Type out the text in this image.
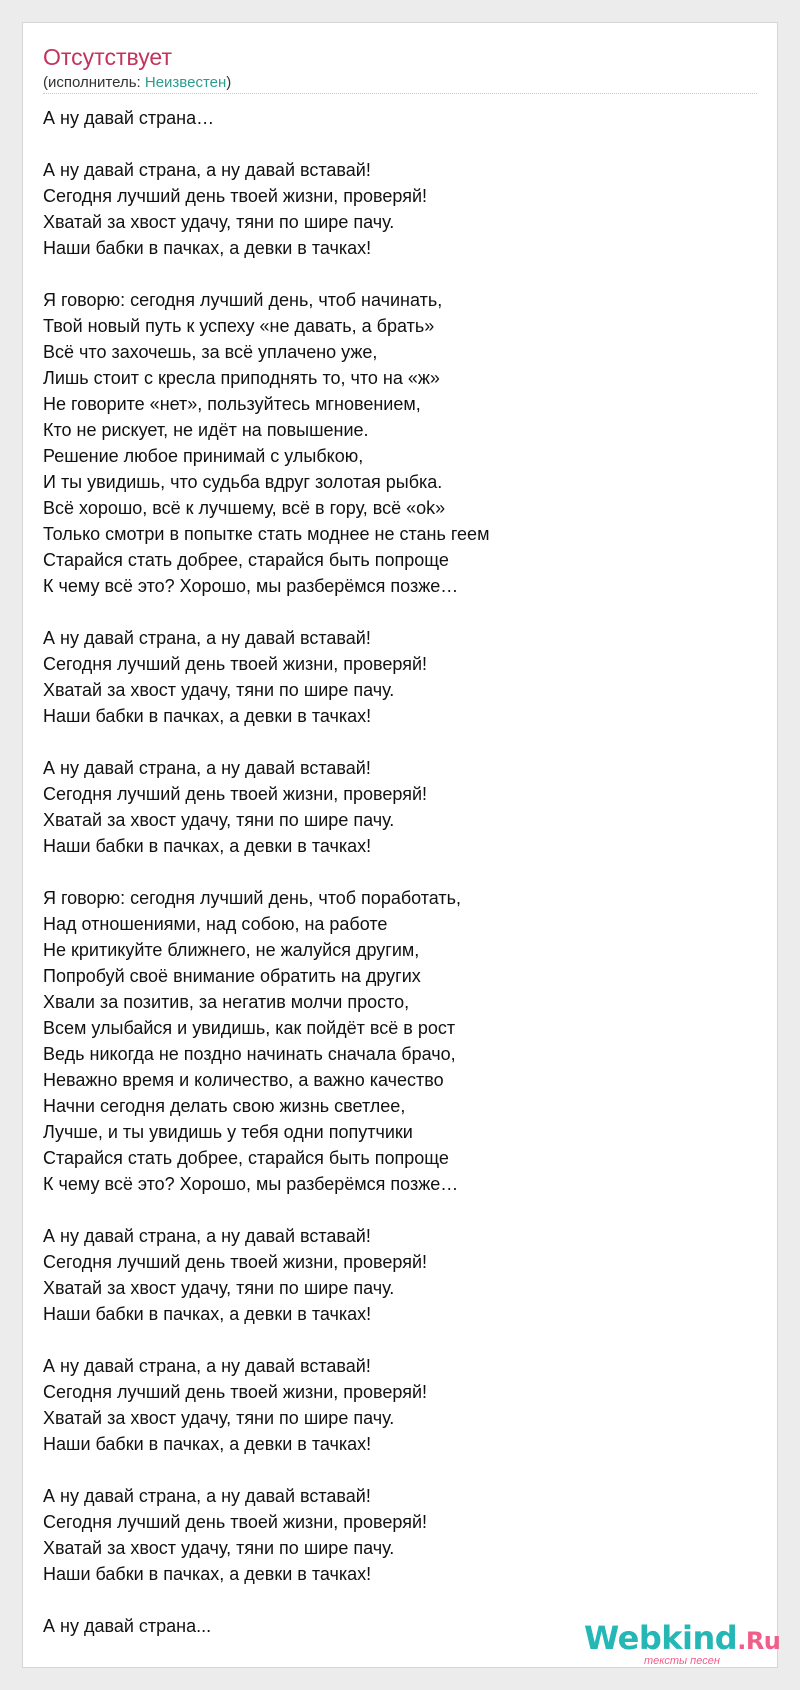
Отсутствует
(исполнитель: Неизвестен)
А ну давай страна…

А ну давай страна, а ну давай вставай!
Сегодня лучший день твоей жизни, проверяй!
Хватай за хвост удачу, тяни по шире пачу.
Наши бабки в пачках, а девки в тачках!

Я говорю: сегодня лучший день, чтоб начинать,
Твой новый путь к успеху «не давать, а брать»
Всё что захочешь, за всё уплачено уже,
Лишь стоит с кресла приподнять то, что на «ж»
Не говорите «нет», пользуйтесь мгновением,
Кто не рискует, не идёт на повышение.
Решение любое принимай с улыбкою,
И ты увидишь, что судьба вдруг золотая рыбка.
Всё хорошо, всё к лучшему, всё в гору, всё «ok»
Только смотри в попытке стать моднее не стань геем
Старайся стать добрее, старайся быть попроще
К чему всё это? Хорошо, мы разберёмся позже…

А ну давай страна, а ну давай вставай!
Сегодня лучший день твоей жизни, проверяй!
Хватай за хвост удачу, тяни по шире пачу.
Наши бабки в пачках, а девки в тачках!

А ну давай страна, а ну давай вставай!
Сегодня лучший день твоей жизни, проверяй!
Хватай за хвост удачу, тяни по шире пачу.
Наши бабки в пачках, а девки в тачках!

Я говорю: сегодня лучший день, чтоб поработать,
Над отношениями, над собою, на работе
Не критикуйте ближнего, не жалуйся другим,
Попробуй своё внимание обратить на других
Хвали за позитив, за негатив молчи просто,
Всем улыбайся и увидишь, как пойдёт всё в рост
Ведь никогда не поздно начинать сначала брачо,
Неважно время и количество, а важно качество
Начни сегодня делать свою жизнь светлее,
Лучше, и ты увидишь у тебя одни попутчики
Старайся стать добрее, старайся быть попроще
К чему всё это? Хорошо, мы разберёмся позже…

А ну давай страна, а ну давай вставай!
Сегодня лучший день твоей жизни, проверяй!
Хватай за хвост удачу, тяни по шире пачу.
Наши бабки в пачках, а девки в тачках!

А ну давай страна, а ну давай вставай!
Сегодня лучший день твоей жизни, проверяй!
Хватай за хвост удачу, тяни по шире пачу.
Наши бабки в пачках, а девки в тачках!

А ну давай страна, а ну давай вставай!
Сегодня лучший день твоей жизни, проверяй!
Хватай за хвост удачу, тяни по шире пачу.
Наши бабки в пачках, а девки в тачках!

А ну давай страна...	Webkind.Ru
тексты песен
